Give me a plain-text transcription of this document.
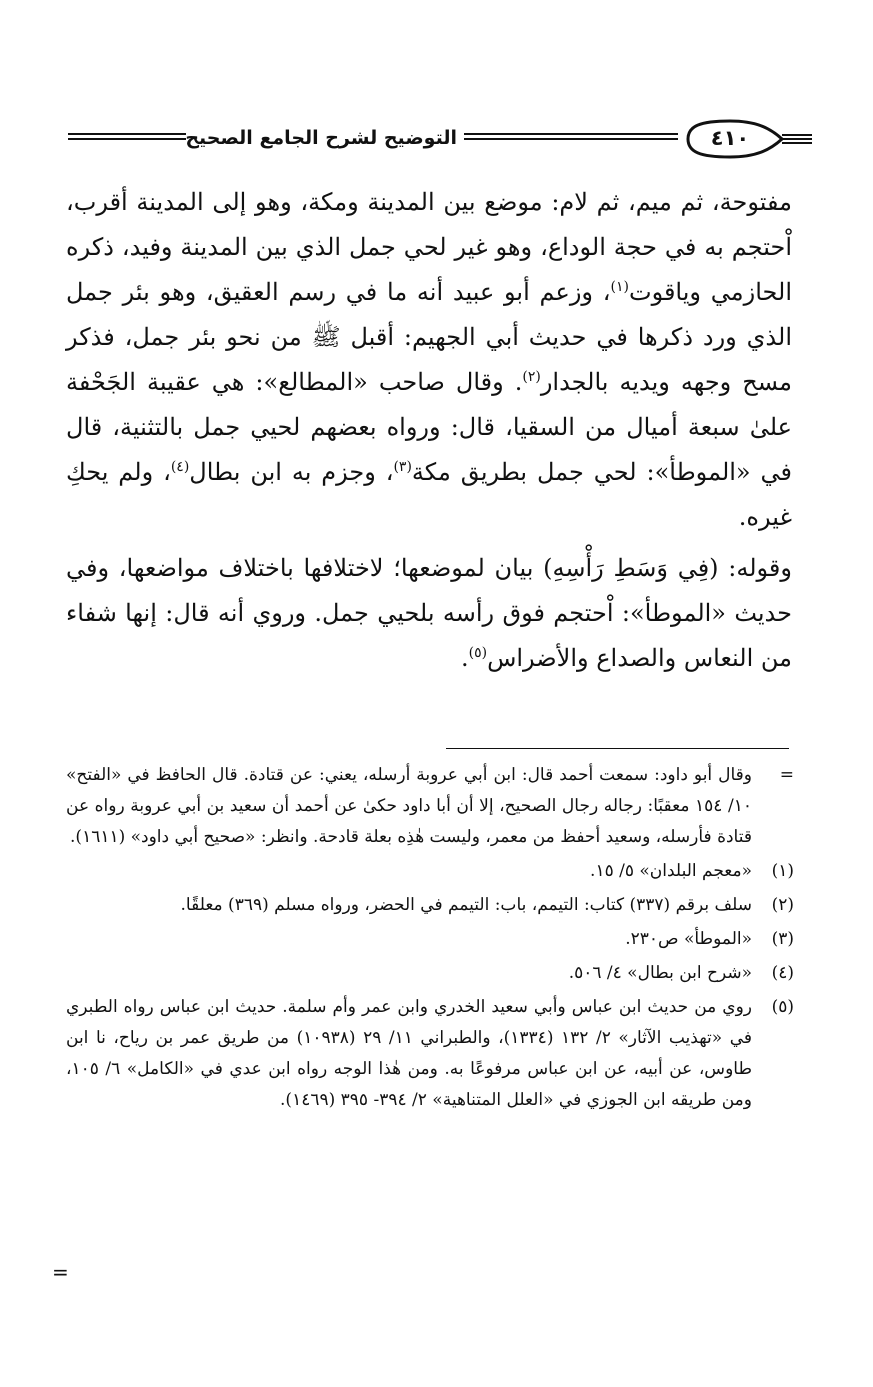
التوضيح لشرح الجامع الصحيح	٤١٠

مفتوحة، ثم ميم، ثم لام: موضع بين المدينة ومكة، وهو إلى المدينة أقرب، اْحتجم به في حجة الوداع، وهو غير لحي جمل الذي بين المدينة وفيد، ذكره الحازمي وياقوت$^{(١)}$، وزعم أبو عبيد أنه ما في رسم العقيق، وهو بئر جمل الذي ورد ذكرها في حديث أبي الجهيم: أقبل ﷺ من نحو بئر جمل، فذكر مسح وجهه ويديه بالجدار$^{(٢)}$. وقال صاحب «المطالع»: هي عقيبة الجَحْفة علىٰ سبعة أميال من السقيا، قال: ورواه بعضهم لحيي جمل بالتثنية، قال في «الموطأ»: لحي جمل بطريق مكة$^{(٣)}$، وجزم به ابن بطال$^{(٤)}$، ولم يحكِ غيره.

وقوله: (فِي وَسَطِ رَأْسِهِ) بيان لموضعها؛ لاختلافها باختلاف مواضعها، وفي حديث «الموطأ»: اْحتجم فوق رأسه بلحيي جمل. وروي أنه قال: إنها شفاء من النعاس والصداع والأضراس$^{(٥)}$.

=
وقال أبو داود: سمعت أحمد قال: ابن أبي عروبة أرسله، يعني: عن قتادة. قال الحافظ في «الفتح» ١٠/ ١٥٤ معقبًا: رجاله رجال الصحيح، إلا أن أبا داود حكىٰ عن أحمد أن سعيد بن أبي عروبة رواه عن قتادة فأرسله، وسعيد أحفظ من معمر، وليست هٰذِه بعلة قادحة. وانظر: «صحيح أبي داود» (١٦١١).
(١)
«معجم البلدان» ٥/ ١٥.
(٢)
سلف برقم (٣٣٧) كتاب: التيمم، باب: التيمم في الحضر، ورواه مسلم (٣٦٩) معلقًا.
(٣)
«الموطأ» ص٢٣٠.
(٤)
«شرح ابن بطال» ٤/ ٥٠٦.
(٥)
روي من حديث ابن عباس وأبي سعيد الخدري وابن عمر وأم سلمة. حديث ابن عباس رواه الطبري في «تهذيب الآثار» ٢/ ١٣٢ (١٣٣٤)، والطبراني ١١/ ٢٩ (١٠٩٣٨) من طريق عمر بن رياح، نا ابن طاوس، عن أبيه، عن ابن عباس مرفوعًا به. ومن هٰذا الوجه رواه ابن عدي في «الكامل» ٦/ ١٠٥، ومن طريقه ابن الجوزي في «العلل المتناهية» ٢/ ٣٩٤- ٣٩٥ (١٤٦٩).
=
